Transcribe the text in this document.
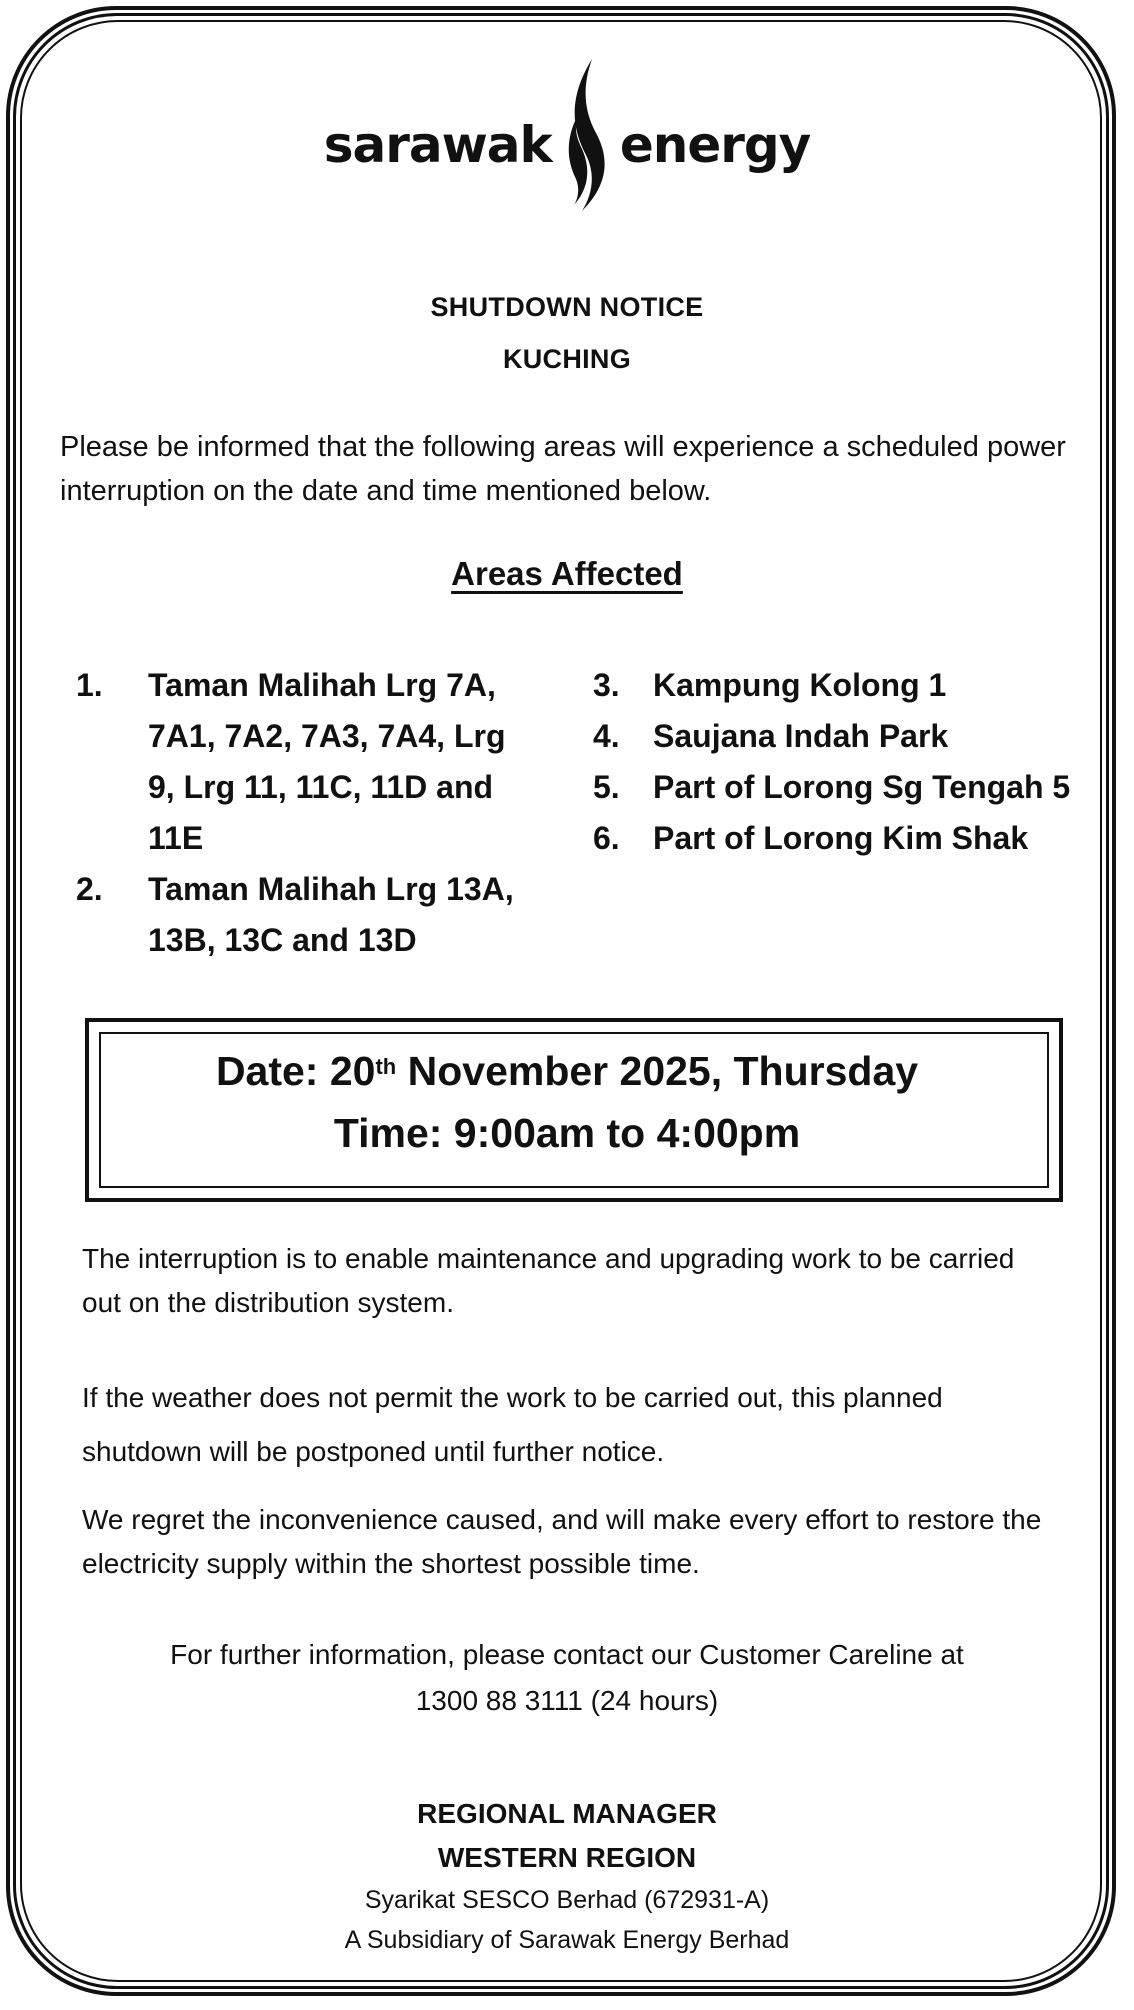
sarawak energy
SHUTDOWN NOTICE
KUCHING
Please be informed that the following areas will experience a scheduled power
interruption on the date and time mentioned below.
Areas Affected
1.	Taman Malihah Lrg 7A,
7A1, 7A2, 7A3, 7A4, Lrg
9, Lrg 11, 11C, 11D and
11E
2.	Taman Malihah Lrg 13A,
13B, 13C and 13D
3.	Kampung Kolong 1
4.	Saujana Indah Park
5.	Part of Lorong Sg Tengah 5
6.	Part of Lorong Kim Shak
Date: 20th November 2025, Thursday
Time: 9:00am to 4:00pm
The interruption is to enable maintenance and upgrading work to be carried
out on the distribution system.
If the weather does not permit the work to be carried out, this planned
shutdown will be postponed until further notice.
We regret the inconvenience caused, and will make every effort to restore the
electricity supply within the shortest possible time.
For further information, please contact our Customer Careline at
1300 88 3111 (24 hours)
REGIONAL MANAGER
WESTERN REGION
Syarikat SESCO Berhad (672931-A)
A Subsidiary of Sarawak Energy Berhad
